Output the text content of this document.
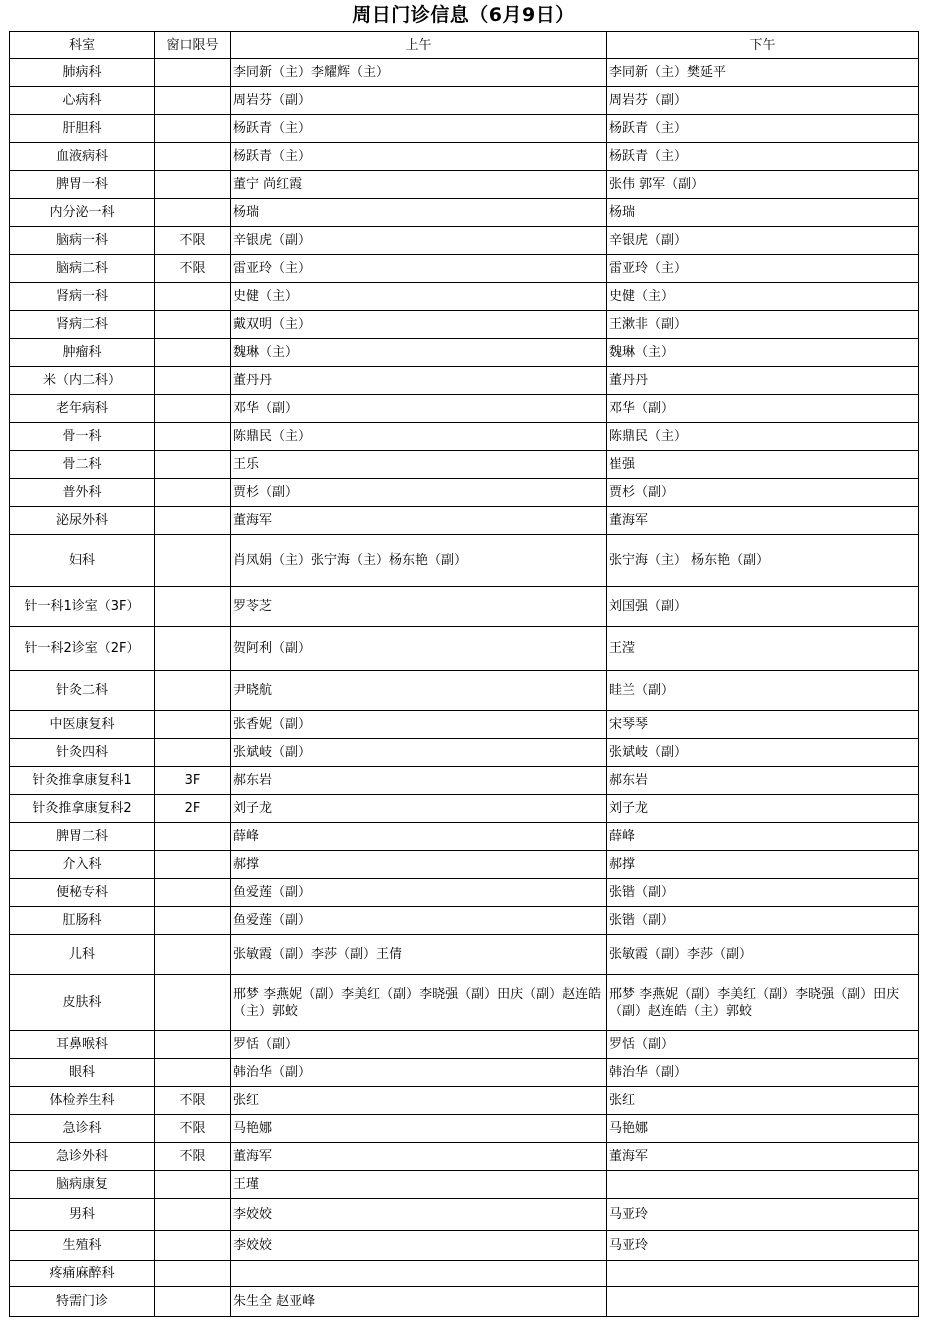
周日门诊信息（6月9日）
科室	窗口限号	上午	下午
肺病科		李同新（主）李耀辉（主）	李同新（主）樊延平
心病科		周岩芬（副）	周岩芬（副）
肝胆科		杨跃青（主）	杨跃青（主）
血液病科		杨跃青（主）	杨跃青（主）
脾胃一科		董宁 尚红霞	张伟 郭军（副）
内分泌一科		杨瑞	杨瑞
脑病一科	不限	辛银虎（副）	辛银虎（副）
脑病二科	不限	雷亚玲（主）	雷亚玲（主）
肾病一科		史健（主）	史健（主）
肾病二科		戴双明（主）	王漱非（副）
肿瘤科		魏琳（主）	魏琳（主）
米（内二科）		董丹丹	董丹丹
老年病科		邓华（副）	邓华（副）
骨一科		陈鼎民（主）	陈鼎民（主）
骨二科		王乐	崔强
普外科		贾杉（副）	贾杉（副）
泌尿外科		董海军	董海军
妇科		肖凤娟（主）张宁海（主）杨东艳（副）	张宁海（主） 杨东艳（副）
针一科1诊室（3F）		罗苓芝	刘国强（副）
针一科2诊室（2F）		贺阿利（副）	王滢
针灸二科		尹晓航	眭兰（副）
中医康复科		张香妮（副）	宋琴琴
针灸四科		张斌岐（副）	张斌岐（副）
针灸推拿康复科1	3F	郝东岩	郝东岩
针灸推拿康复科2	2F	刘子龙	刘子龙
脾胃二科		薛峰	薛峰
介入科		郝撑	郝撑
便秘专科		鱼爱莲（副）	张锴（副）
肛肠科		鱼爱莲（副）	张锴（副）
儿科		张敏霞（副）李莎（副）王倩	张敏霞（副）李莎（副）
皮肤科		邢梦 李燕妮（副）李美红（副）李晓强（副）田庆（副）赵连皓（主）郭蛟	邢梦 李燕妮（副）李美红（副）李晓强（副）田庆（副）赵连皓（主）郭蛟
耳鼻喉科		罗恬（副）	罗恬（副）
眼科		韩治华（副）	韩治华（副）
体检养生科	不限	张红	张红
急诊科	不限	马艳娜	马艳娜
急诊外科	不限	董海军	董海军
脑病康复		王瑾	
男科		李姣姣	马亚玲
生殖科		李姣姣	马亚玲
疼痛麻醉科			
特需门诊		朱生全 赵亚峰	
